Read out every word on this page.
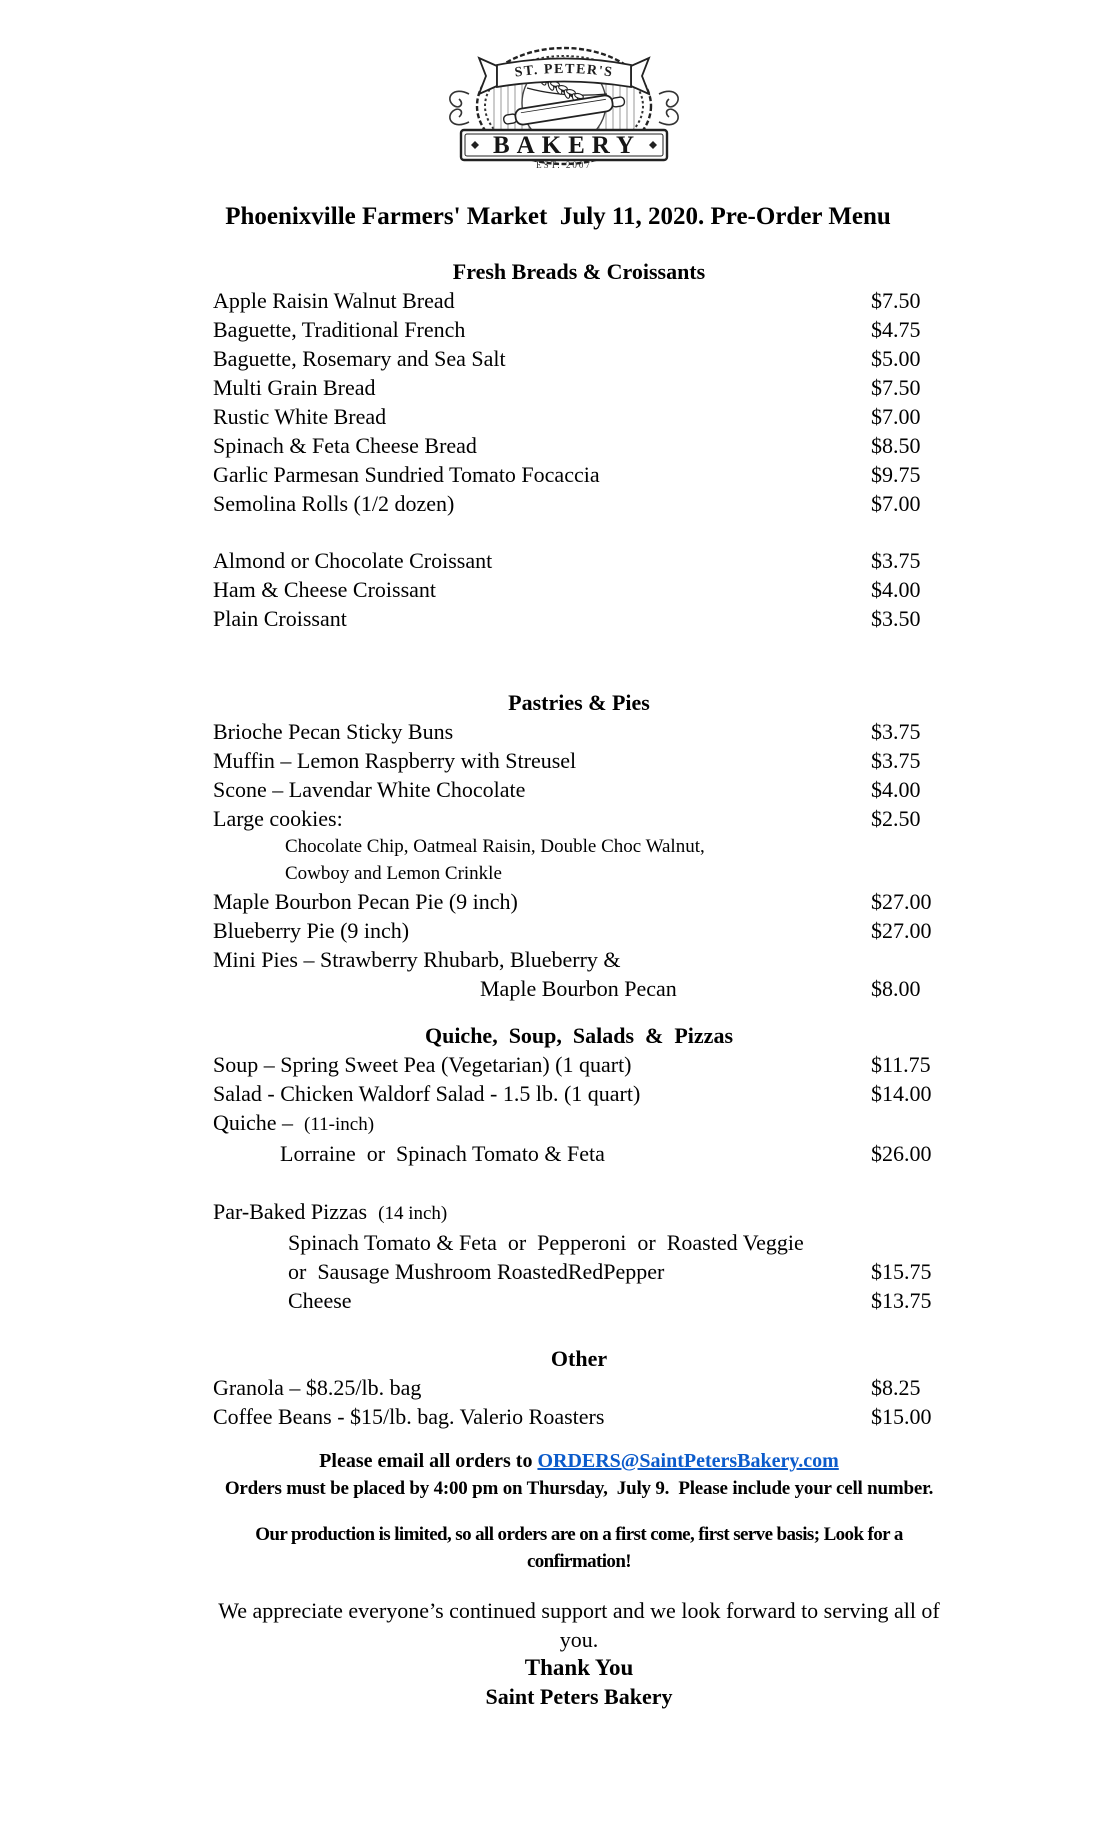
ST. PETER'S
BAKERY
EST. 2007
Phoenixville Farmers' Market  July 11, 2020. Pre-Order Menu
Fresh Breads & Croissants
Apple Raisin Walnut Bread	$7.50
Baguette, Traditional French	$4.75
Baguette, Rosemary and Sea Salt	$5.00
Multi Grain Bread	$7.50
Rustic White Bread	$7.00
Spinach & Feta Cheese Bread	$8.50
Garlic Parmesan Sundried Tomato Focaccia	$9.75
Semolina Rolls (1/2 dozen)	$7.00
Almond or Chocolate Croissant	$3.75
Ham & Cheese Croissant	$4.00
Plain Croissant	$3.50
Pastries & Pies
Brioche Pecan Sticky Buns	$3.75
Muffin – Lemon Raspberry with Streusel	$3.75
Scone – Lavendar White Chocolate	$4.00
Large cookies:	$2.50
Chocolate Chip, Oatmeal Raisin, Double Choc Walnut,
Cowboy and Lemon Crinkle
Maple Bourbon Pecan Pie (9 inch)	$27.00
Blueberry Pie (9 inch)	$27.00
Mini Pies – Strawberry Rhubarb, Blueberry &
Maple Bourbon Pecan	$8.00
Quiche,  Soup,  Salads  &  Pizzas
Soup – Spring Sweet Pea (Vegetarian) (1 quart)	$11.75
Salad - Chicken Waldorf Salad - 1.5 lb. (1 quart)	$14.00
Quiche –  (11-inch)
Lorraine  or  Spinach Tomato & Feta	$26.00
Par-Baked Pizzas  (14 inch)
Spinach Tomato & Feta  or  Pepperoni  or  Roasted Veggie
or  Sausage Mushroom RoastedRedPepper	$15.75
Cheese	$13.75
Other
Granola – $8.25/lb. bag	$8.25
Coffee Beans - $15/lb. bag. Valerio Roasters	$15.00
Please email all orders to ORDERS@SaintPetersBakery.com
Orders must be placed by 4:00 pm on Thursday,  July 9.  Please include your cell number.
Our production is limited, so all orders are on a first come, first serve basis; Look for a confirmation!
We appreciate everyone’s continued support and we look forward to serving all of you.
Thank You
Saint Peters Bakery
